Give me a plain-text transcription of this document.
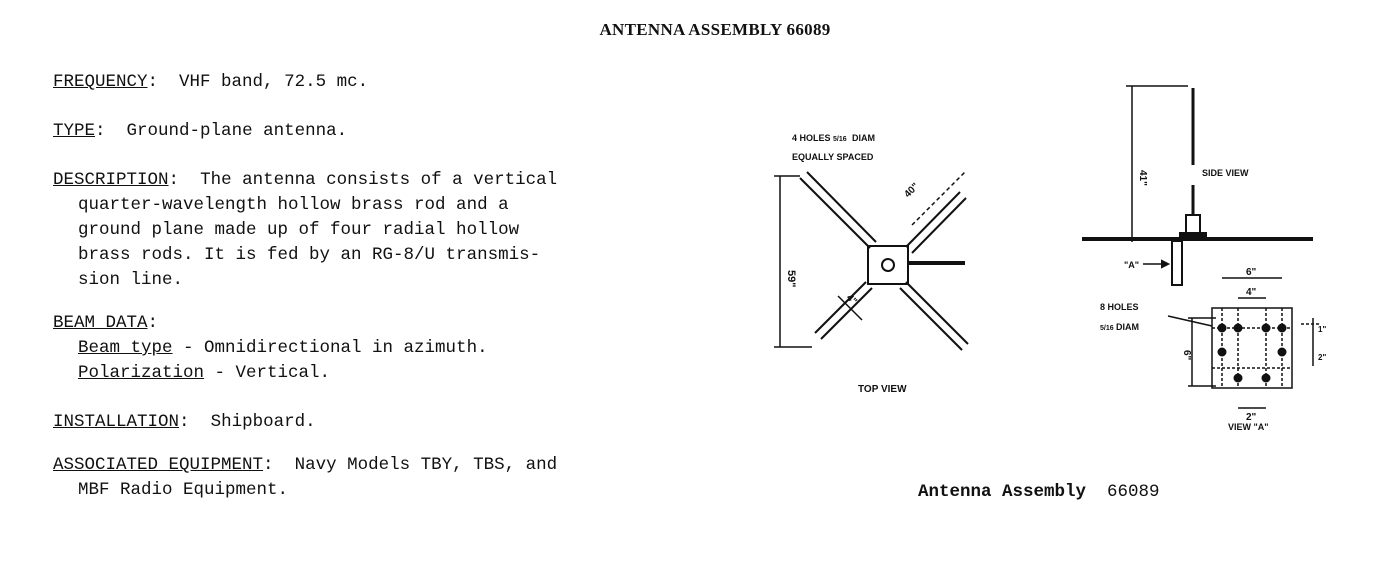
ANTENNA ASSEMBLY 66089
FREQUENCY: VHF band, 72.5 mc.
TYPE: Ground-plane antenna.
DESCRIPTION: The antenna consists of a vertical
quarter-wavelength hollow brass rod and a
ground plane made up of four radial hollow
brass rods. It is fed by an RG-8/U transmis-
sion line.
BEAM DATA:
Beam type - Omnidirectional in azimuth.
Polarization - Vertical.
INSTALLATION: Shipboard.
ASSOCIATED EQUIPMENT: Navy Models TBY, TBS, and
MBF Radio Equipment.
4 HOLES 5/16 DIAM
EQUALLY SPACED
59"
40"
4"
TOP VIEW
SIDE VIEW
41"
"A"
8 HOLES
5/16 DIAM
6"
4"
2"
6"
1"
2"
VIEW "A"
Antenna Assembly 66089
